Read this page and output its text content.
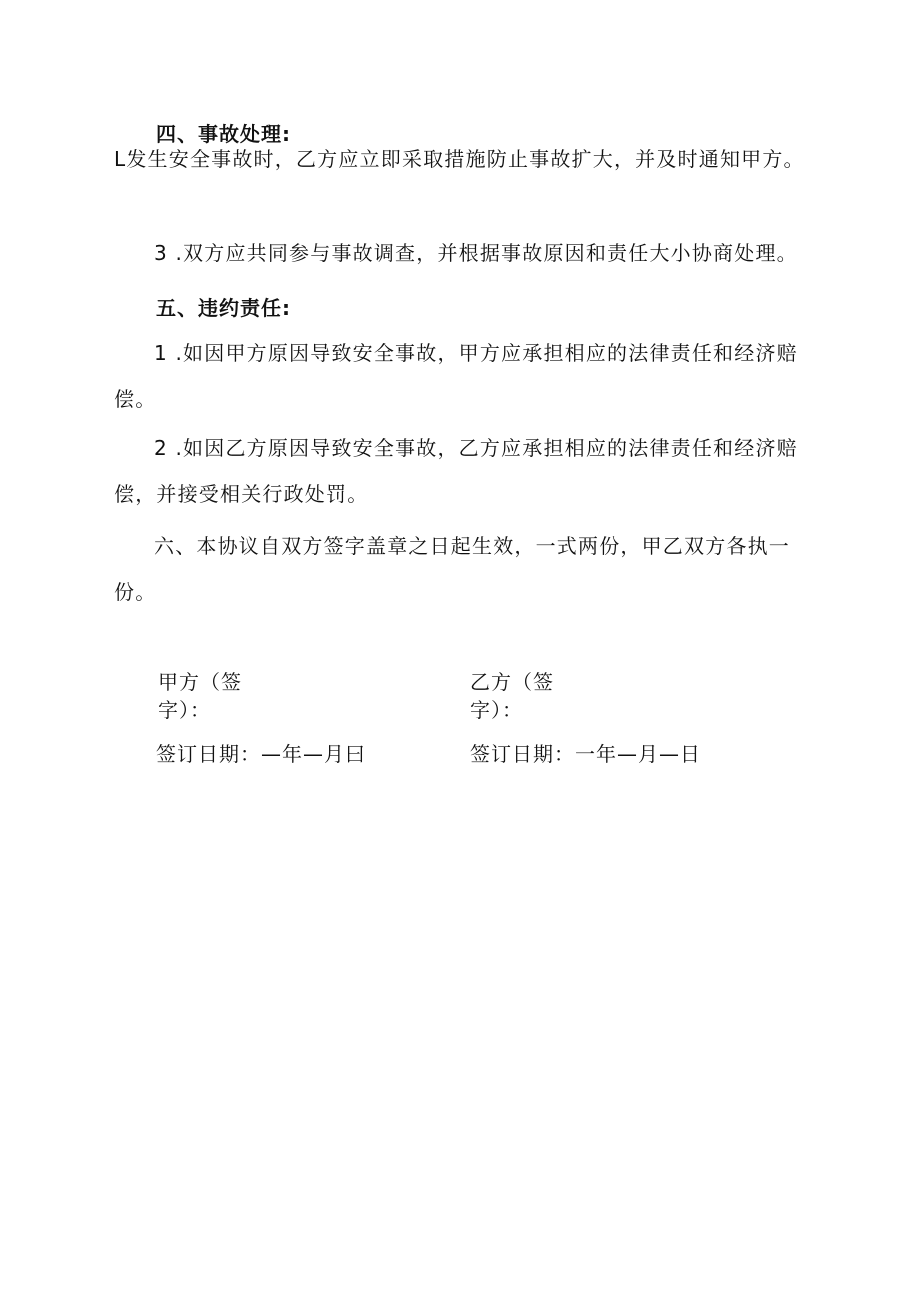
四、事故处理:

L发生安全事故时，乙方应立即采取措施防止事故扩大，并及时通知甲方。

3 .双方应共同参与事故调查，并根据事故原因和责任大小协商处理。

五、违约责任:

1 .如因甲方原因导致安全事故，甲方应承担相应的法律责任和经济赔偿。

2 .如因乙方原因导致安全事故，乙方应承担相应的法律责任和经济赔偿，并接受相关行政处罚。

六、本协议自双方签字盖章之日起生效，一式两份，甲乙双方各执一份。

甲方（签字）：
乙方（签字）：
签订日期：—年—月曰	签订日期：一年—月—日
